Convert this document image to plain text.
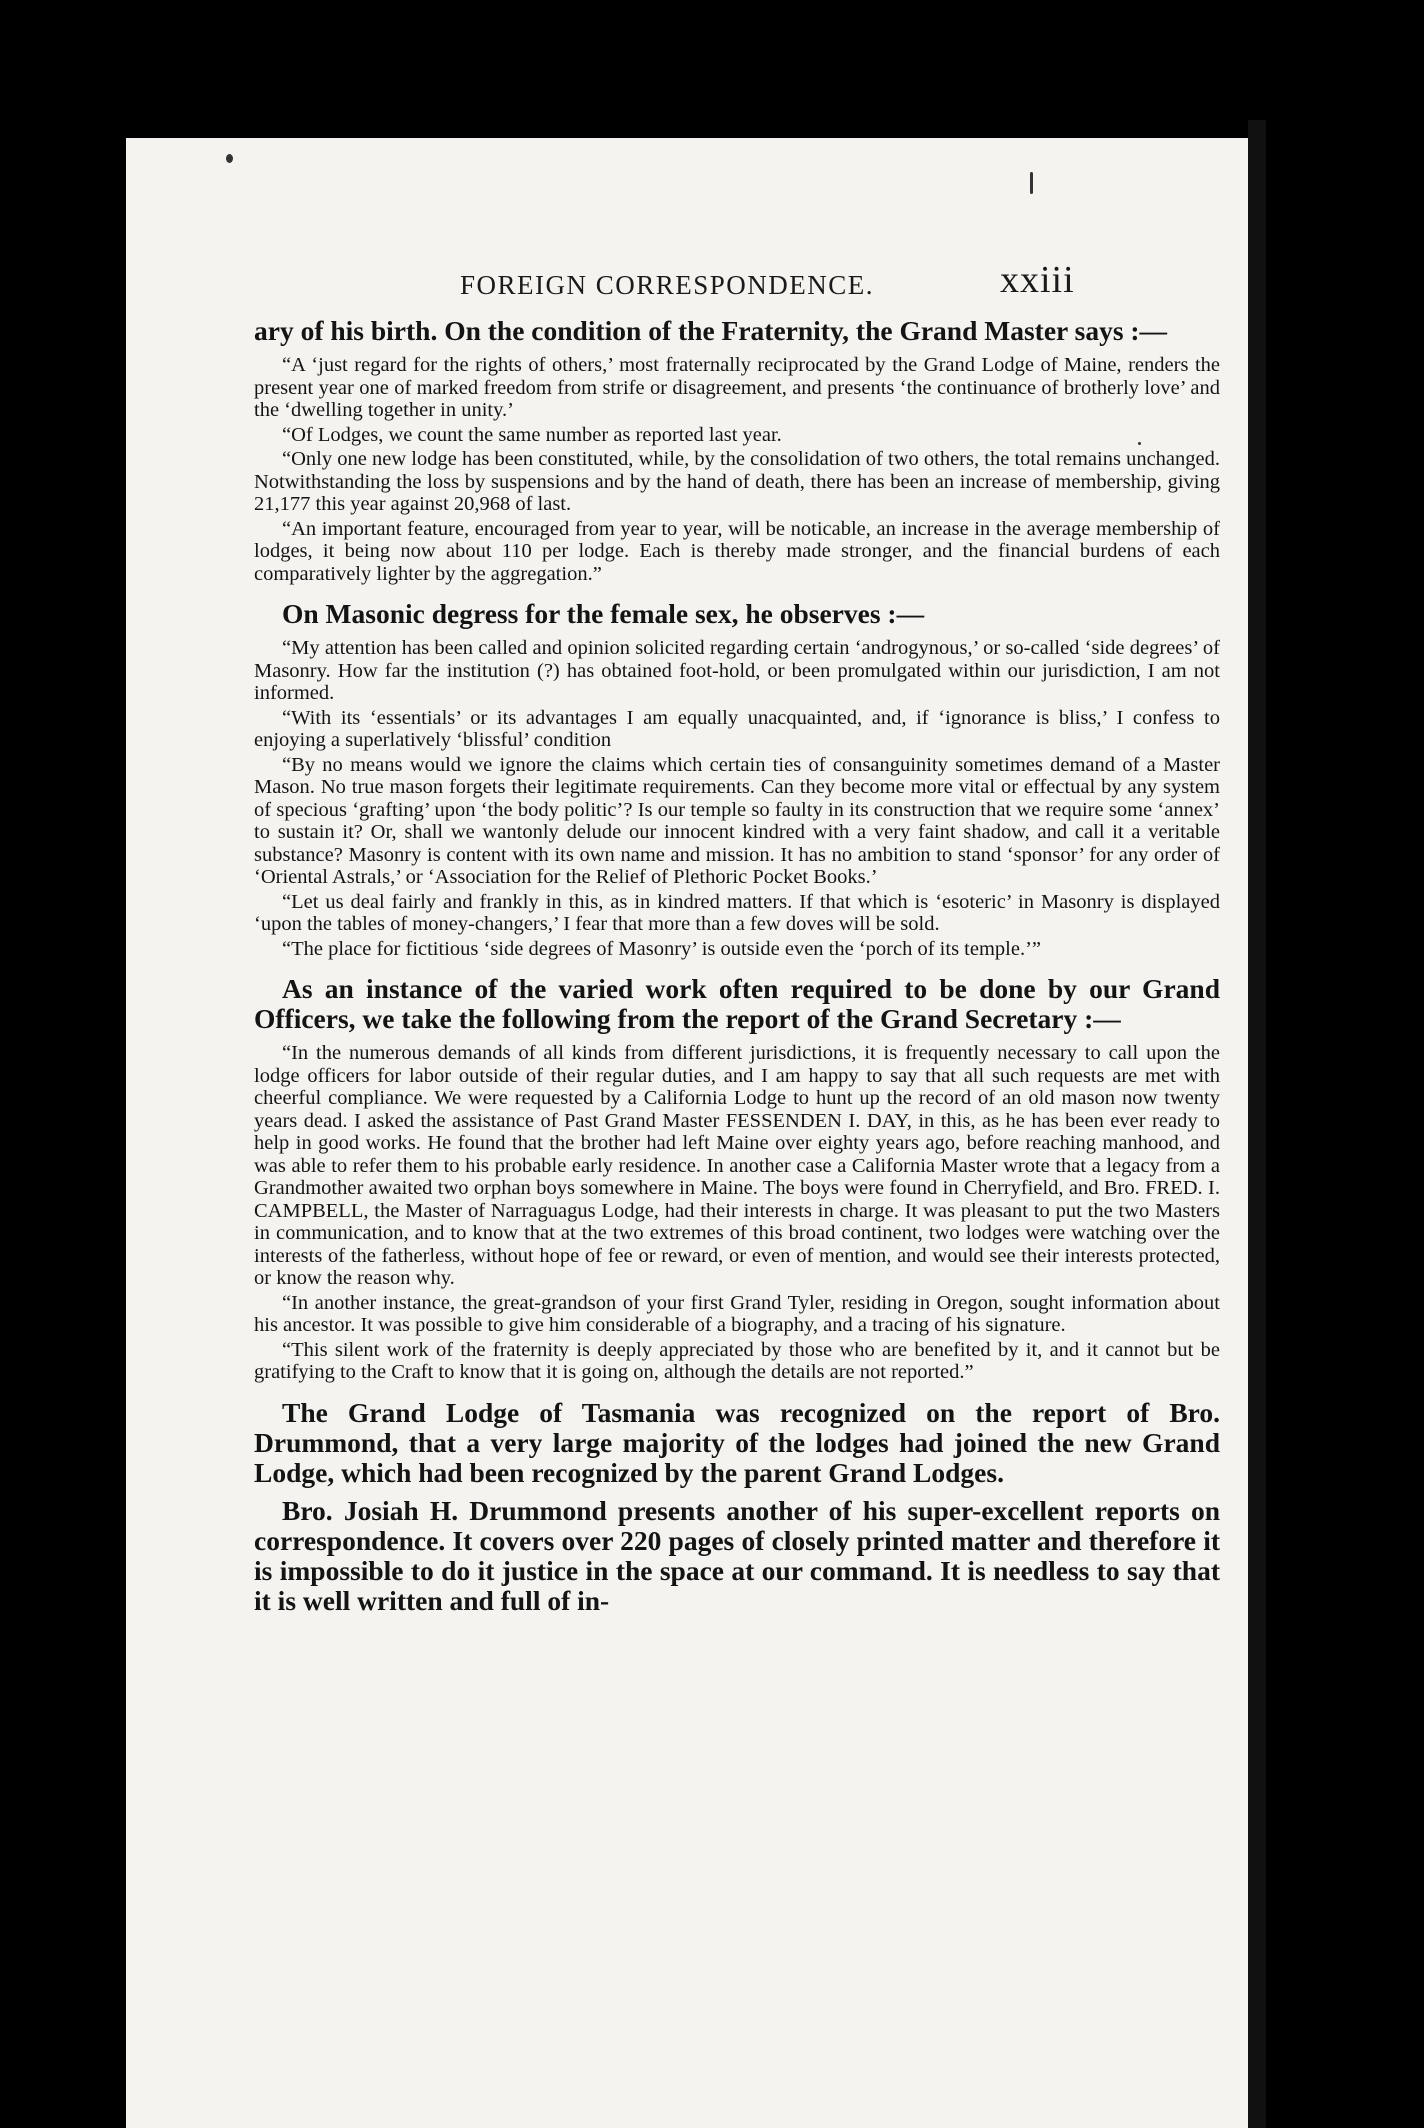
FOREIGN CORRESPONDENCE.	xxiii

ary of his birth. On the condition of the Fraternity, the Grand Master says :—

“A ‘just regard for the rights of others,’ most fraternally reciprocated by the Grand Lodge of Maine, renders the present year one of marked freedom from strife or disagreement, and presents ‘the continuance of brotherly love’ and the ‘dwelling together in unity.’

“Of Lodges, we count the same number as reported last year.

“Only one new lodge has been constituted, while, by the consolidation of two others, the total remains unchanged. Notwithstanding the loss by suspensions and by the hand of death, there has been an increase of membership, giving 21,177 this year against 20,968 of last.

“An important feature, encouraged from year to year, will be noticable, an increase in the average membership of lodges, it being now about 110 per lodge. Each is thereby made stronger, and the financial burdens of each comparatively lighter by the aggregation.”

On Masonic degress for the female sex, he observes :—

“My attention has been called and opinion solicited regarding certain ‘androgynous,’ or so-called ‘side degrees’ of Masonry. How far the institution (?) has obtained foot-hold, or been promulgated within our jurisdiction, I am not informed.

“With its ‘essentials’ or its advantages I am equally unacquainted, and, if ‘ignorance is bliss,’ I confess to enjoying a superlatively ‘blissful’ condition

“By no means would we ignore the claims which certain ties of consanguinity sometimes demand of a Master Mason. No true mason forgets their legitimate requirements. Can they become more vital or effectual by any system of specious ‘grafting’ upon ‘the body politic’? Is our temple so faulty in its construction that we require some ‘annex’ to sustain it? Or, shall we wantonly delude our innocent kindred with a very faint shadow, and call it a veritable substance? Masonry is content with its own name and mission. It has no ambition to stand ‘sponsor’ for any order of ‘Oriental Astrals,’ or ‘Association for the Relief of Plethoric Pocket Books.’

“Let us deal fairly and frankly in this, as in kindred matters. If that which is ‘esoteric’ in Masonry is displayed ‘upon the tables of money-changers,’ I fear that more than a few doves will be sold.

“The place for fictitious ‘side degrees of Masonry’ is outside even the ‘porch of its temple.’”

As an instance of the varied work often required to be done by our Grand Officers, we take the following from the report of the Grand Secretary :—

“In the numerous demands of all kinds from different jurisdictions, it is frequently necessary to call upon the lodge officers for labor outside of their regular duties, and I am happy to say that all such requests are met with cheerful compliance. We were requested by a California Lodge to hunt up the record of an old mason now twenty years dead. I asked the assistance of Past Grand Master FESSENDEN I. DAY, in this, as he has been ever ready to help in good works. He found that the brother had left Maine over eighty years ago, before reaching manhood, and was able to refer them to his probable early residence. In another case a California Master wrote that a legacy from a Grandmother awaited two orphan boys somewhere in Maine. The boys were found in Cherryfield, and Bro. FRED. I. CAMPBELL, the Master of Narraguagus Lodge, had their interests in charge. It was pleasant to put the two Masters in communication, and to know that at the two extremes of this broad continent, two lodges were watching over the interests of the fatherless, without hope of fee or reward, or even of mention, and would see their interests protected, or know the reason why.

“In another instance, the great-grandson of your first Grand Tyler, residing in Oregon, sought information about his ancestor. It was possible to give him considerable of a biography, and a tracing of his signature.

“This silent work of the fraternity is deeply appreciated by those who are benefited by it, and it cannot but be gratifying to the Craft to know that it is going on, although the details are not reported.”

The Grand Lodge of Tasmania was recognized on the report of Bro. Drummond, that a very large majority of the lodges had joined the new Grand Lodge, which had been recognized by the parent Grand Lodges.

Bro. Josiah H. Drummond presents another of his super-excellent reports on correspondence. It covers over 220 pages of closely printed matter and therefore it is impossible to do it justice in the space at our command. It is needless to say that it is well written and full of in-
